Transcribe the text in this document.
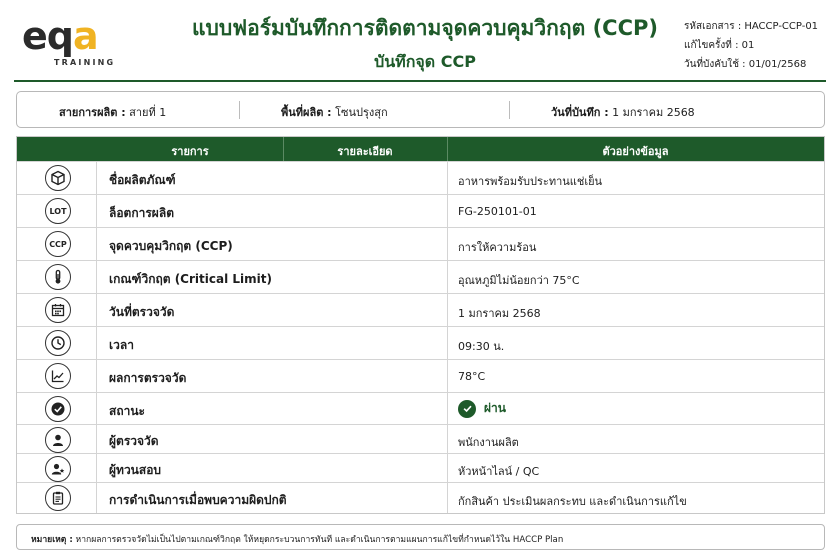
eqa
TRAINING
แบบฟอร์มบันทึกการติดตามจุดควบคุมวิกฤต (CCP)
บันทึกจุด CCP
รหัสเอกสาร : HACCP-CCP-01
แก้ไขครั้งที่ : 01
วันที่บังคับใช้ : 01/01/2568
สายการผลิต : สายที่ 1	พื้นที่ผลิต : โซนปรุงสุก	วันที่บันทึก : 1 มกราคม 2568
รายการ	รายละเอียด	ตัวอย่างข้อมูล
ชื่อผลิตภัณฑ์	อาหารพร้อมรับประทานแช่เย็น
LOT	ล็อตการผลิต	FG-250101-01
CCP	จุดควบคุมวิกฤต (CCP)	การให้ความร้อน
เกณฑ์วิกฤต (Critical Limit)	อุณหภูมิไม่น้อยกว่า 75°C
วันที่ตรวจวัด	1 มกราคม 2568
เวลา	09:30 น.
ผลการตรวจวัด	78°C
สถานะ	ผ่าน
ผู้ตรวจวัด	พนักงานผลิต
ผู้ทวนสอบ	หัวหน้าไลน์ / QC
การดำเนินการเมื่อพบความผิดปกติ	กักสินค้า ประเมินผลกระทบ และดำเนินการแก้ไข
หมายเหตุ : หากผลการตรวจวัดไม่เป็นไปตามเกณฑ์วิกฤต ให้หยุดกระบวนการทันที และดำเนินการตามแผนการแก้ไขที่กำหนดไว้ใน HACCP Plan
